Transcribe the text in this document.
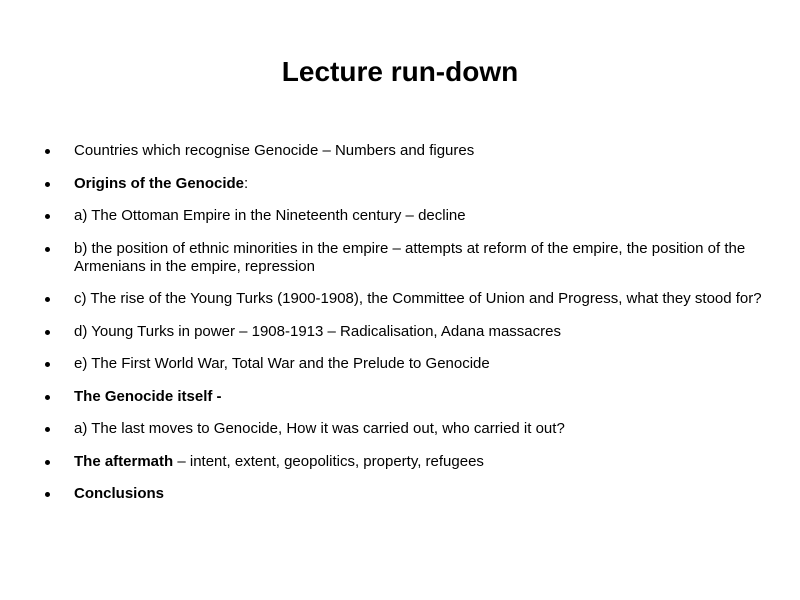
Lecture run-down
Countries which recognise Genocide – Numbers and figures
Origins of the Genocide:
a) The Ottoman Empire in the Nineteenth century – decline
b) the position of ethnic minorities in the empire – attempts at reform of the empire, the position of the Armenians in the empire, repression
c) The rise of the Young Turks (1900-1908), the Committee of Union and Progress, what they stood for?
d) Young Turks in power – 1908-1913 – Radicalisation, Adana massacres
e) The First World War, Total War and the Prelude to Genocide
The Genocide itself -
a) The last moves to Genocide, How it was carried out, who carried it out?
The aftermath – intent, extent, geopolitics, property, refugees
Conclusions
